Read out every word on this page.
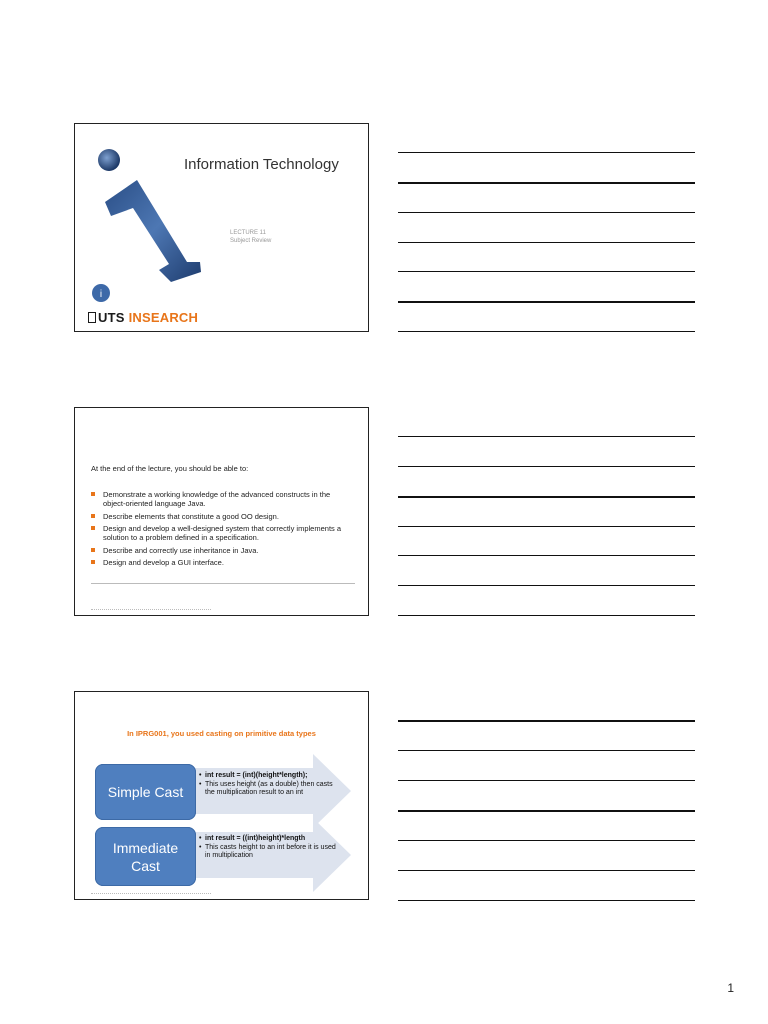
i
Information Technology
LECTURE 11
Subject Review
UTS INSEARCH
At the end of the lecture, you should be able to:
Demonstrate a working knowledge of the advanced constructs in the object-oriented language Java.
Describe elements that constitute a good OO design.
Design and develop a well-designed system that correctly implements a solution to a problem defined in a specification.
Describe and correctly use inheritance in Java.
Design and develop a GUI interface.
In IPRG001, you used casting on primitive data types
Simple Cast
Immediate
Cast
• int result = (int)(height*length);
• This uses height (as a double) then casts the multiplication result to an int
• int result = ((int)height)*length
• This casts height to an int before it is used in multiplication
1
